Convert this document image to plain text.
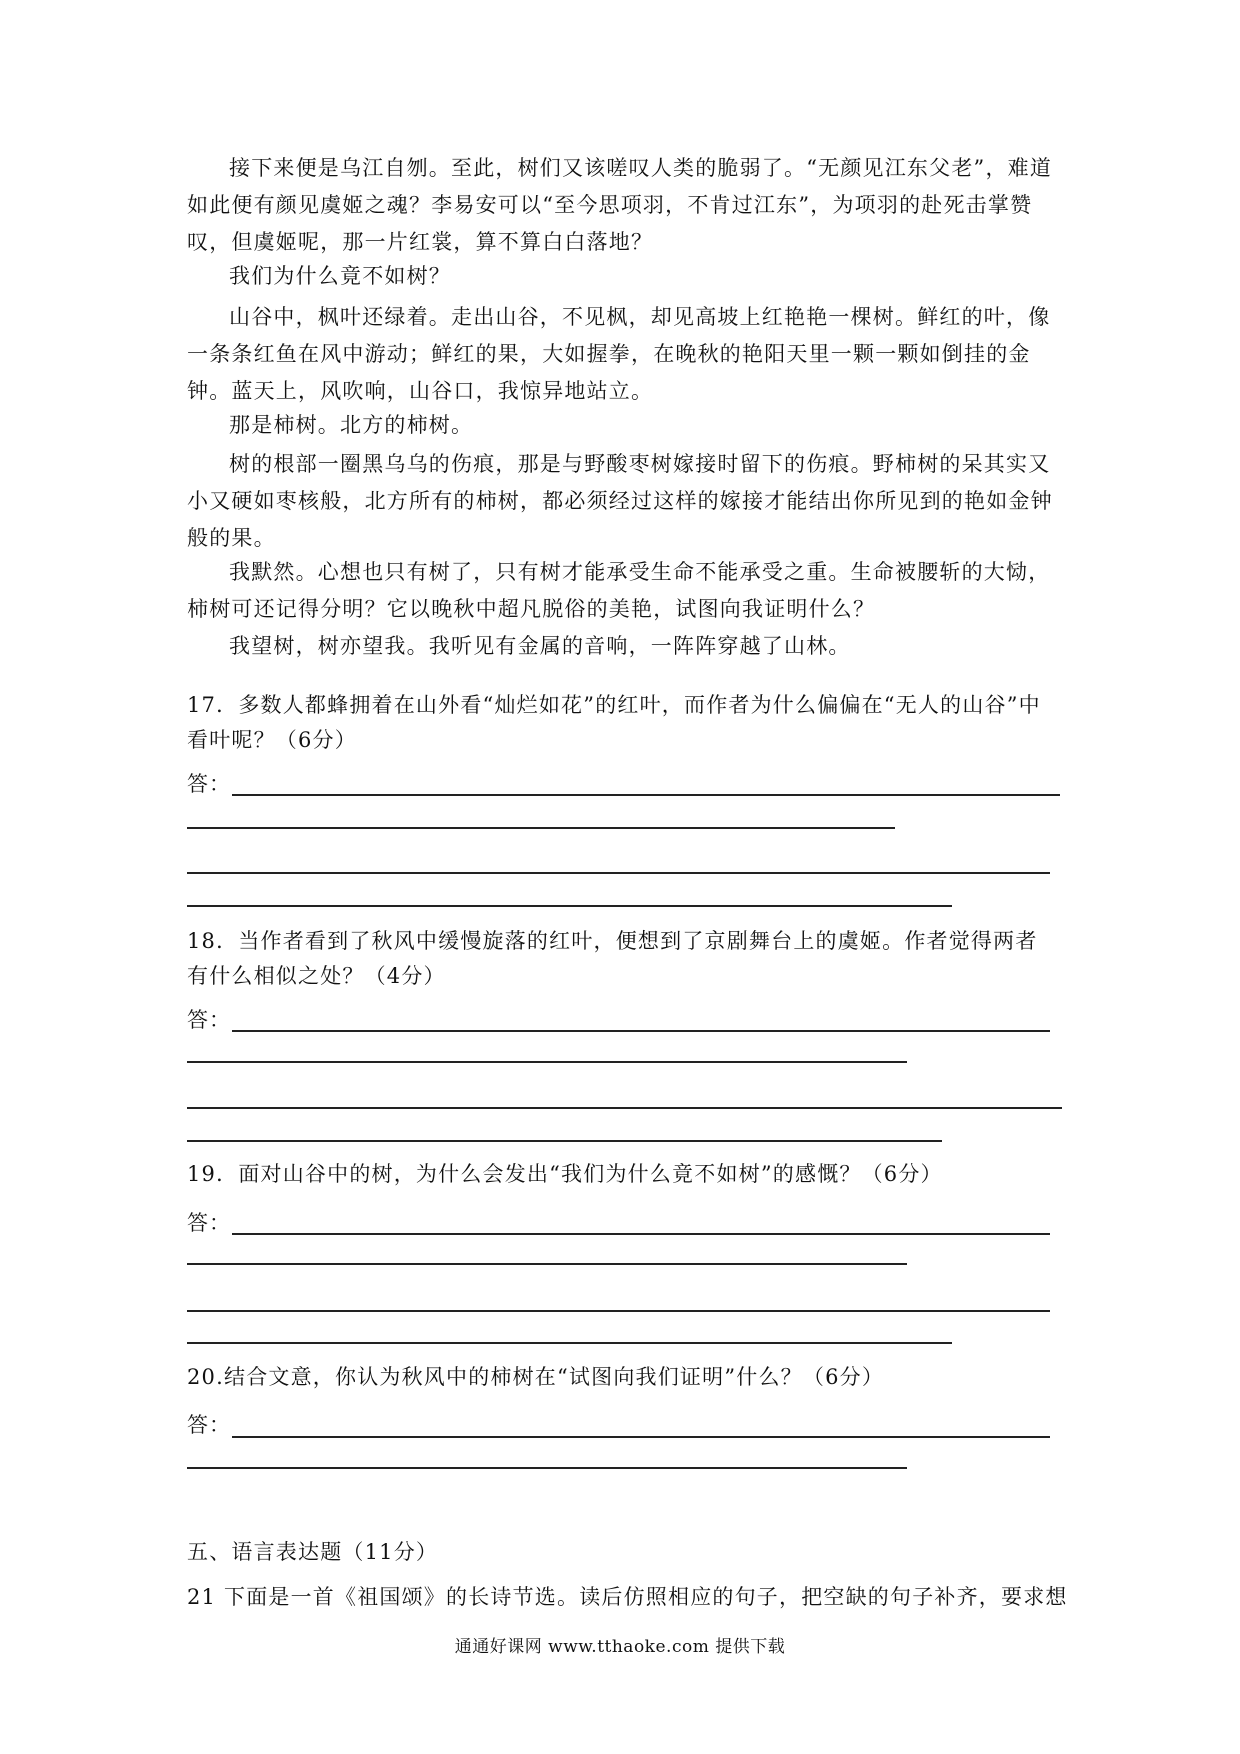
接下来便是乌江自刎。至此，树们又该嗟叹人类的脆弱了。“无颜见江东父老”，难道如此便有颜见虞姬之魂？李易安可以“至今思项羽，不肯过江东”，为项羽的赴死击掌赞叹，但虞姬呢，那一片红裳，算不算白白落地？

我们为什么竟不如树？

山谷中，枫叶还绿着。走出山谷，不见枫，却见高坡上红艳艳一棵树。鲜红的叶，像一条条红鱼在风中游动；鲜红的果，大如握拳，在晚秋的艳阳天里一颗一颗如倒挂的金钟。蓝天上，风吹响，山谷口，我惊异地站立。

那是柿树。北方的柿树。

树的根部一圈黑乌乌的伤痕，那是与野酸枣树嫁接时留下的伤痕。野柿树的呆其实又小又硬如枣核般，北方所有的柿树，都必须经过这样的嫁接才能结出你所见到的艳如金钟般的果。

我默然。心想也只有树了，只有树才能承受生命不能承受之重。生命被腰斩的大恸，柿树可还记得分明？它以晚秋中超凡脱俗的美艳，试图向我证明什么？

我望树，树亦望我。我听见有金属的音响，一阵阵穿越了山林。

17．多数人都蜂拥着在山外看“灿烂如花”的红叶，而作者为什么偏偏在“无人的山谷”中看叶呢？（6分）

答：

18．当作者看到了秋风中缓慢旋落的红叶，便想到了京剧舞台上的虞姬。作者觉得两者有什么相似之处？（4分）

答：

19．面对山谷中的树，为什么会发出“我们为什么竟不如树”的感慨？（6分）

答：

20.结合文意，你认为秋风中的柿树在“试图向我们证明”什么？（6分）

答：

五、语言表达题（11分）

21 下面是一首《祖国颂》的长诗节选。读后仿照相应的句子，把空缺的句子补齐，要求想

通通好课网 www.tthaoke.com 提供下载
